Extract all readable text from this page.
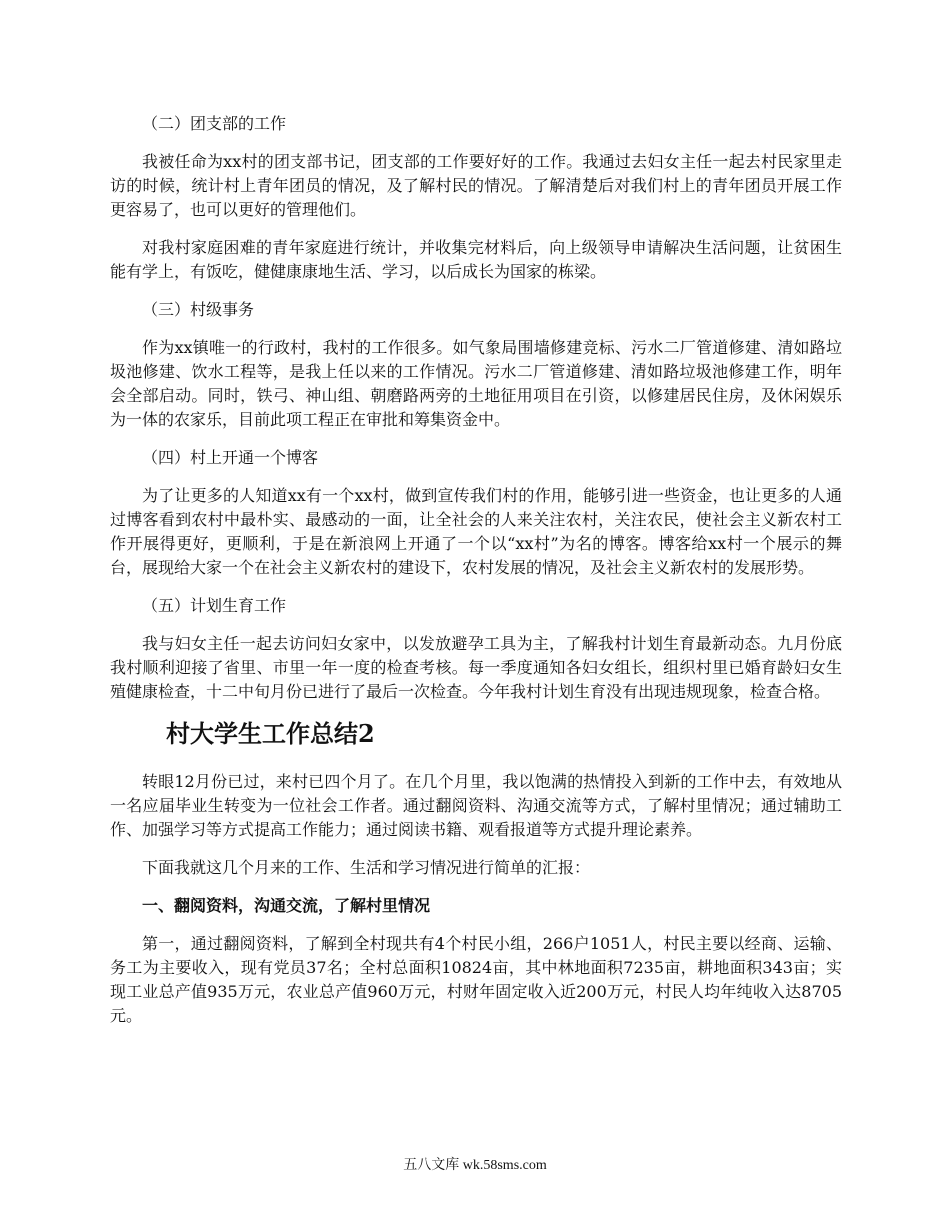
（二）团支部的工作
我被任命为xx村的团支部书记，团支部的工作要好好的工作。我通过去妇女主任一起去村民家里走访的时候，统计村上青年团员的情况，及了解村民的情况。了解清楚后对我们村上的青年团员开展工作更容易了，也可以更好的管理他们。
对我村家庭困难的青年家庭进行统计，并收集完材料后，向上级领导申请解决生活问题，让贫困生能有学上，有饭吃，健健康康地生活、学习，以后成长为国家的栋梁。
（三）村级事务
作为xx镇唯一的行政村，我村的工作很多。如气象局围墙修建竞标、污水二厂管道修建、清如路垃圾池修建、饮水工程等，是我上任以来的工作情况。污水二厂管道修建、清如路垃圾池修建工作，明年会全部启动。同时，铁弓、神山组、朝磨路两旁的土地征用项目在引资，以修建居民住房，及休闲娱乐为一体的农家乐，目前此项工程正在审批和筹集资金中。
（四）村上开通一个博客
为了让更多的人知道xx有一个xx村，做到宣传我们村的作用，能够引进一些资金，也让更多的人通过博客看到农村中最朴实、最感动的一面，让全社会的人来关注农村，关注农民，使社会主义新农村工作开展得更好，更顺利，于是在新浪网上开通了一个以“xx村”为名的博客。博客给xx村一个展示的舞台，展现给大家一个在社会主义新农村的建设下，农村发展的情况，及社会主义新农村的发展形势。
（五）计划生育工作
我与妇女主任一起去访问妇女家中，以发放避孕工具为主，了解我村计划生育最新动态。九月份底我村顺利迎接了省里、市里一年一度的检查考核。每一季度通知各妇女组长，组织村里已婚育龄妇女生殖健康检查，十二中旬月份已进行了最后一次检查。今年我村计划生育没有出现违规现象，检查合格。
村大学生工作总结2
转眼12月份已过，来村已四个月了。在几个月里，我以饱满的热情投入到新的工作中去，有效地从一名应届毕业生转变为一位社会工作者。通过翻阅资料、沟通交流等方式，了解村里情况；通过辅助工作、加强学习等方式提高工作能力；通过阅读书籍、观看报道等方式提升理论素养。
下面我就这几个月来的工作、生活和学习情况进行简单的汇报：
一、翻阅资料，沟通交流，了解村里情况
第一，通过翻阅资料，了解到全村现共有4个村民小组，266户1051人，村民主要以经商、运输、务工为主要收入，现有党员37名；全村总面积10824亩，其中林地面积7235亩，耕地面积343亩；实现工业总产值935万元，农业总产值960万元，村财年固定收入近200万元，村民人均年纯收入达8705元。
五八文库 wk.58sms.com
